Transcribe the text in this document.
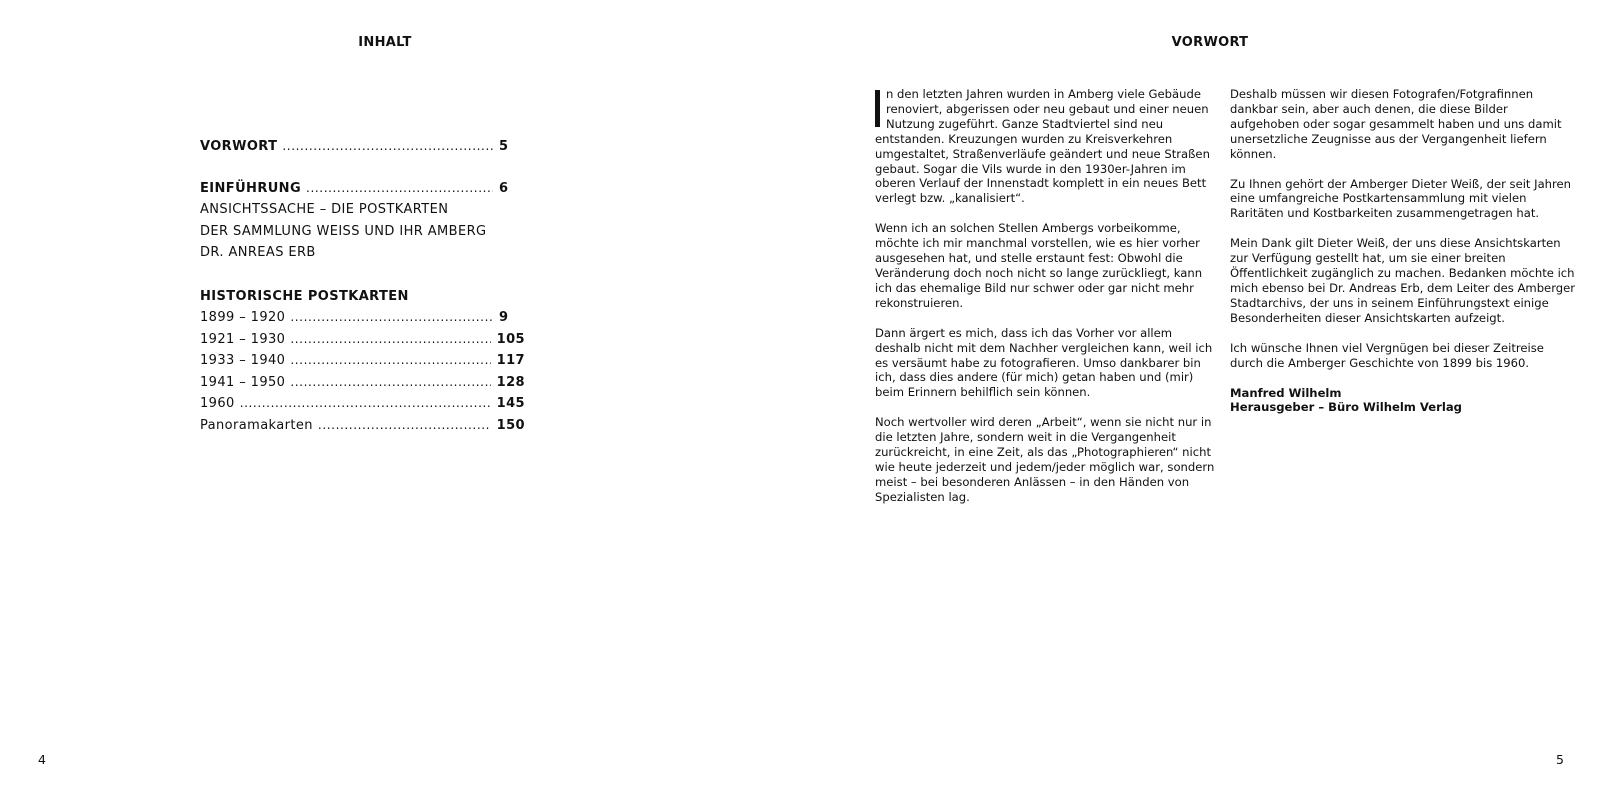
INHALT
VORWORT .....	5
EINFÜHRUNG .....	6
ANSICHTSSACHE – DIE POSTKARTEN
DER SAMMLUNG WEISS UND IHR AMBERG
DR. ANREAS ERB
HISTORISCHE POSTKARTEN
1899 – 1920 .....	9
1921 – 1930 .....	105
1933 – 1940 .....	117
1941 – 1950 .....	128
1960 .....	145
Panoramakarten .....	150
4
VORWORT

n den letzten Jahren wurden in Amberg viele Gebäude renoviert, abgerissen oder neu gebaut und einer neuen Nutzung zugeführt. Ganze Stadtviertel sind neu entstanden. Kreuzungen wurden zu Kreisverkehren umgestaltet, Straßenverläufe geändert und neue Straßen gebaut. Sogar die Vils wurde in den 1930er-Jahren im oberen Verlauf der Innenstadt komplett in ein neues Bett verlegt bzw. „kanalisiert“.

Wenn ich an solchen Stellen Ambergs vorbeikomme, möchte ich mir manchmal vorstellen, wie es hier vorher ausgesehen hat, und stelle erstaunt fest: Obwohl die Veränderung doch noch nicht so lange zurückliegt, kann ich das ehemalige Bild nur schwer oder gar nicht mehr rekonstruieren.

Dann ärgert es mich, dass ich das Vorher vor allem deshalb nicht mit dem Nachher vergleichen kann, weil ich es versäumt habe zu fotografieren. Umso dankbarer bin ich, dass dies andere (für mich) getan haben und (mir) beim Erinnern behilflich sein können.

Noch wertvoller wird deren „Arbeit“, wenn sie nicht nur in die letzten Jahre, sondern weit in die Vergangenheit zurückreicht, in eine Zeit, als das „Photographieren“ nicht wie heute jederzeit und jedem/jeder möglich war, sondern meist – bei besonderen Anlässen – in den Händen von Spezialisten lag.

Deshalb müssen wir diesen Fotografen/Fotgrafinnen dankbar sein, aber auch denen, die diese Bilder aufgehoben oder sogar gesammelt haben und uns damit unersetzliche Zeugnisse aus der Vergangenheit liefern können.

Zu Ihnen gehört der Amberger Dieter Weiß, der seit Jahren eine umfangreiche Postkartensammlung mit vielen Raritäten und Kostbarkeiten zusammengetragen hat.

Mein Dank gilt Dieter Weiß, der uns diese Ansichtskarten zur Verfügung gestellt hat, um sie einer breiten Öffentlichkeit zugänglich zu machen. Bedanken möchte ich mich ebenso bei Dr. Andreas Erb, dem Leiter des Amberger Stadtarchivs, der uns in seinem Einführungstext einige Besonderheiten dieser Ansichtskarten aufzeigt.

Ich wünsche Ihnen viel Vergnügen bei dieser Zeitreise durch die Amberger Geschichte von 1899 bis 1960.

Manfred Wilhelm

Herausgeber – Büro Wilhelm Verlag

5
